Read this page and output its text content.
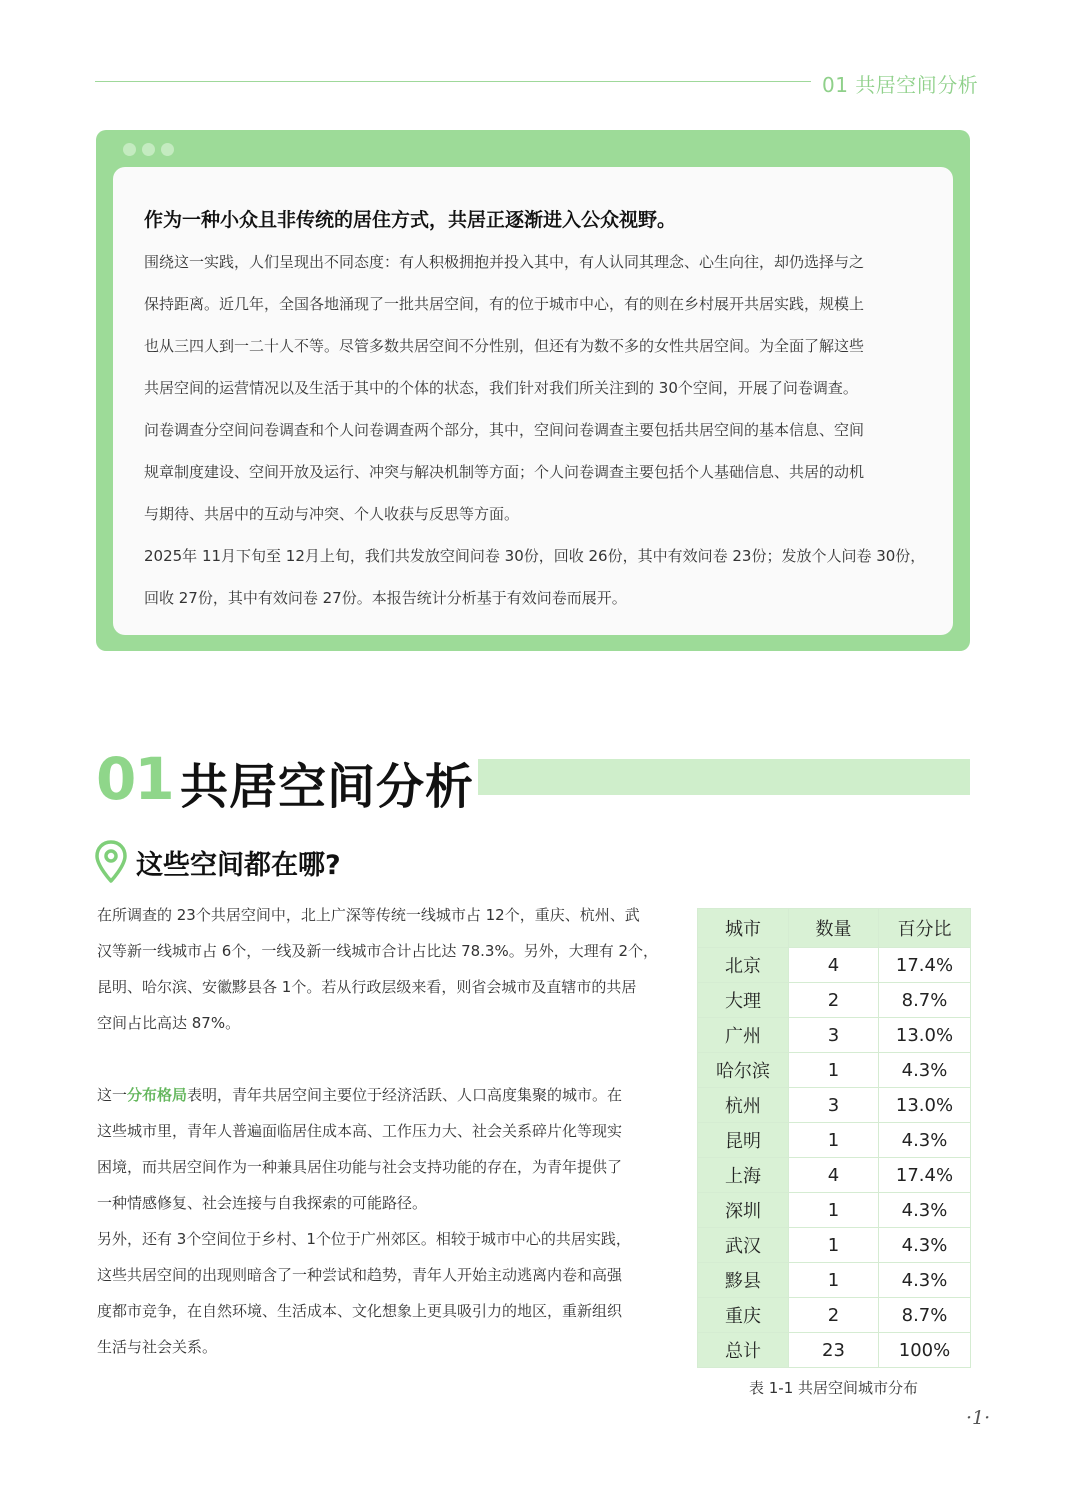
01 共居空间分析
作为一种小众且非传统的居住方式，共居正逐渐进入公众视野。
围绕这一实践，人们呈现出不同态度：有人积极拥抱并投入其中，有人认同其理念、心生向往，却仍选择与之
保持距离。近几年，全国各地涌现了一批共居空间，有的位于城市中心，有的则在乡村展开共居实践，规模上
也从三四人到一二十人不等。尽管多数共居空间不分性别，但还有为数不多的女性共居空间。为全面了解这些
共居空间的运营情况以及生活于其中的个体的状态，我们针对我们所关注到的 30个空间，开展了问卷调查。
问卷调查分空间问卷调查和个人问卷调查两个部分，其中，空间问卷调查主要包括共居空间的基本信息、空间
规章制度建设、空间开放及运行、冲突与解决机制等方面；个人问卷调查主要包括个人基础信息、共居的动机
与期待、共居中的互动与冲突、个人收获与反思等方面。
2025年 11月下旬至 12月上旬，我们共发放空间问卷 30份，回收 26份，其中有效问卷 23份；发放个人问卷 30份，
回收 27份，其中有效问卷 27份。本报告统计分析基于有效问卷而展开。
01 共居空间分析
这些空间都在哪?
在所调查的 23个共居空间中，北上广深等传统一线城市占 12个，重庆、杭州、武
汉等新一线城市占 6个，一线及新一线城市合计占比达 78.3%。另外，大理有 2个，
昆明、哈尔滨、安徽黟县各 1个。若从行政层级来看，则省会城市及直辖市的共居
空间占比高达 87%。
这一分布格局表明，青年共居空间主要位于经济活跃、人口高度集聚的城市。在
这些城市里，青年人普遍面临居住成本高、工作压力大、社会关系碎片化等现实
困境，而共居空间作为一种兼具居住功能与社会支持功能的存在，为青年提供了
一种情感修复、社会连接与自我探索的可能路径。
另外，还有 3个空间位于乡村、1个位于广州郊区。相较于城市中心的共居实践，
这些共居空间的出现则暗含了一种尝试和趋势，青年人开始主动逃离内卷和高强
度都市竞争，在自然环境、生活成本、文化想象上更具吸引力的地区，重新组织
生活与社会关系。
城市	数量	百分比
北京	4	17.4%
大理	2	8.7%
广州	3	13.0%
哈尔滨	1	4.3%
杭州	3	13.0%
昆明	1	4.3%
上海	4	17.4%
深圳	1	4.3%
武汉	1	4.3%
黟县	1	4.3%
重庆	2	8.7%
总计	23	100%
表 1-1 共居空间城市分布
·1·
